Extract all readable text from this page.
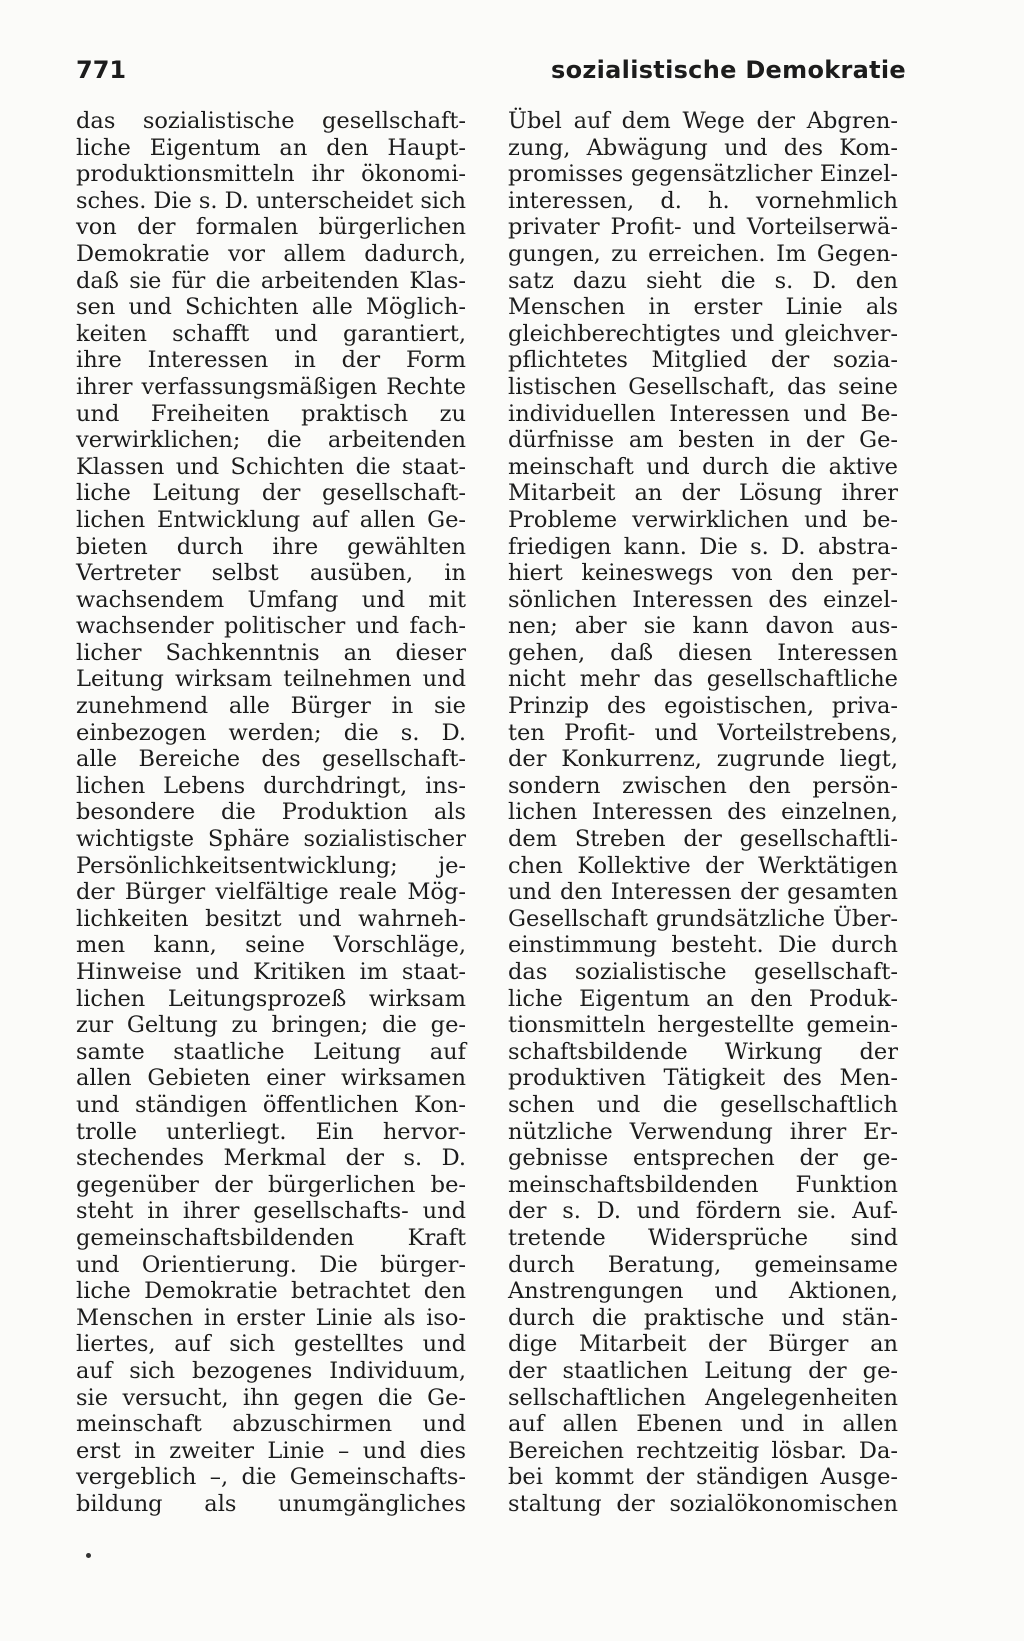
771	sozialistische Demokratie
das sozialistische gesellschaft-
liche Eigentum an den Haupt-
produktionsmitteln ihr ökonomi-
sches. Die s. D. unterscheidet sich
von der formalen bürgerlichen
Demokratie vor allem dadurch,
daß sie für die arbeitenden Klas-
sen und Schichten alle Möglich-
keiten schafft und garantiert,
ihre Interessen in der Form
ihrer verfassungsmäßigen Rechte
und Freiheiten praktisch zu
verwirklichen; die arbeitenden
Klassen und Schichten die staat-
liche Leitung der gesellschaft-
lichen Entwicklung auf allen Ge-
bieten durch ihre gewählten
Vertreter selbst ausüben, in
wachsendem Umfang und mit
wachsender politischer und fach-
licher Sachkenntnis an dieser
Leitung wirksam teilnehmen und
zunehmend alle Bürger in sie
einbezogen werden; die s. D.
alle Bereiche des gesellschaft-
lichen Lebens durchdringt, ins-
besondere die Produktion als
wichtigste Sphäre sozialistischer
Persönlichkeitsentwicklung; je-
der Bürger vielfältige reale Mög-
lichkeiten besitzt und wahrneh-
men kann, seine Vorschläge,
Hinweise und Kritiken im staat-
lichen Leitungsprozeß wirksam
zur Geltung zu bringen; die ge-
samte staatliche Leitung auf
allen Gebieten einer wirksamen
und ständigen öffentlichen Kon-
trolle unterliegt. Ein hervor-
stechendes Merkmal der s. D.
gegenüber der bürgerlichen be-
steht in ihrer gesellschafts- und
gemeinschaftsbildenden Kraft
und Orientierung. Die bürger-
liche Demokratie betrachtet den
Menschen in erster Linie als iso-
liertes, auf sich gestelltes und
auf sich bezogenes Individuum,
sie versucht, ihn gegen die Ge-
meinschaft abzuschirmen und
erst in zweiter Linie – und dies
vergeblich –, die Gemeinschafts-
bildung als unumgängliches
Übel auf dem Wege der Abgren-
zung, Abwägung und des Kom-
promisses gegensätzlicher Einzel-
interessen, d. h. vornehmlich
privater Profit- und Vorteilserwä-
gungen, zu erreichen. Im Gegen-
satz dazu sieht die s. D. den
Menschen in erster Linie als
gleichberechtigtes und gleichver-
pflichtetes Mitglied der sozia-
listischen Gesellschaft, das seine
individuellen Interessen und Be-
dürfnisse am besten in der Ge-
meinschaft und durch die aktive
Mitarbeit an der Lösung ihrer
Probleme verwirklichen und be-
friedigen kann. Die s. D. abstra-
hiert keineswegs von den per-
sönlichen Interessen des einzel-
nen; aber sie kann davon aus-
gehen, daß diesen Interessen
nicht mehr das gesellschaftliche
Prinzip des egoistischen, priva-
ten Profit- und Vorteilstrebens,
der Konkurrenz, zugrunde liegt,
sondern zwischen den persön-
lichen Interessen des einzelnen,
dem Streben der gesellschaftli-
chen Kollektive der Werktätigen
und den Interessen der gesamten
Gesellschaft grundsätzliche Über-
einstimmung besteht. Die durch
das sozialistische gesellschaft-
liche Eigentum an den Produk-
tionsmitteln hergestellte gemein-
schaftsbildende Wirkung der
produktiven Tätigkeit des Men-
schen und die gesellschaftlich
nützliche Verwendung ihrer Er-
gebnisse entsprechen der ge-
meinschaftsbildenden Funktion
der s. D. und fördern sie. Auf-
tretende Widersprüche sind
durch Beratung, gemeinsame
Anstrengungen und Aktionen,
durch die praktische und stän-
dige Mitarbeit der Bürger an
der staatlichen Leitung der ge-
sellschaftlichen Angelegenheiten
auf allen Ebenen und in allen
Bereichen rechtzeitig lösbar. Da-
bei kommt der ständigen Ausge-
staltung der sozialökonomischen
